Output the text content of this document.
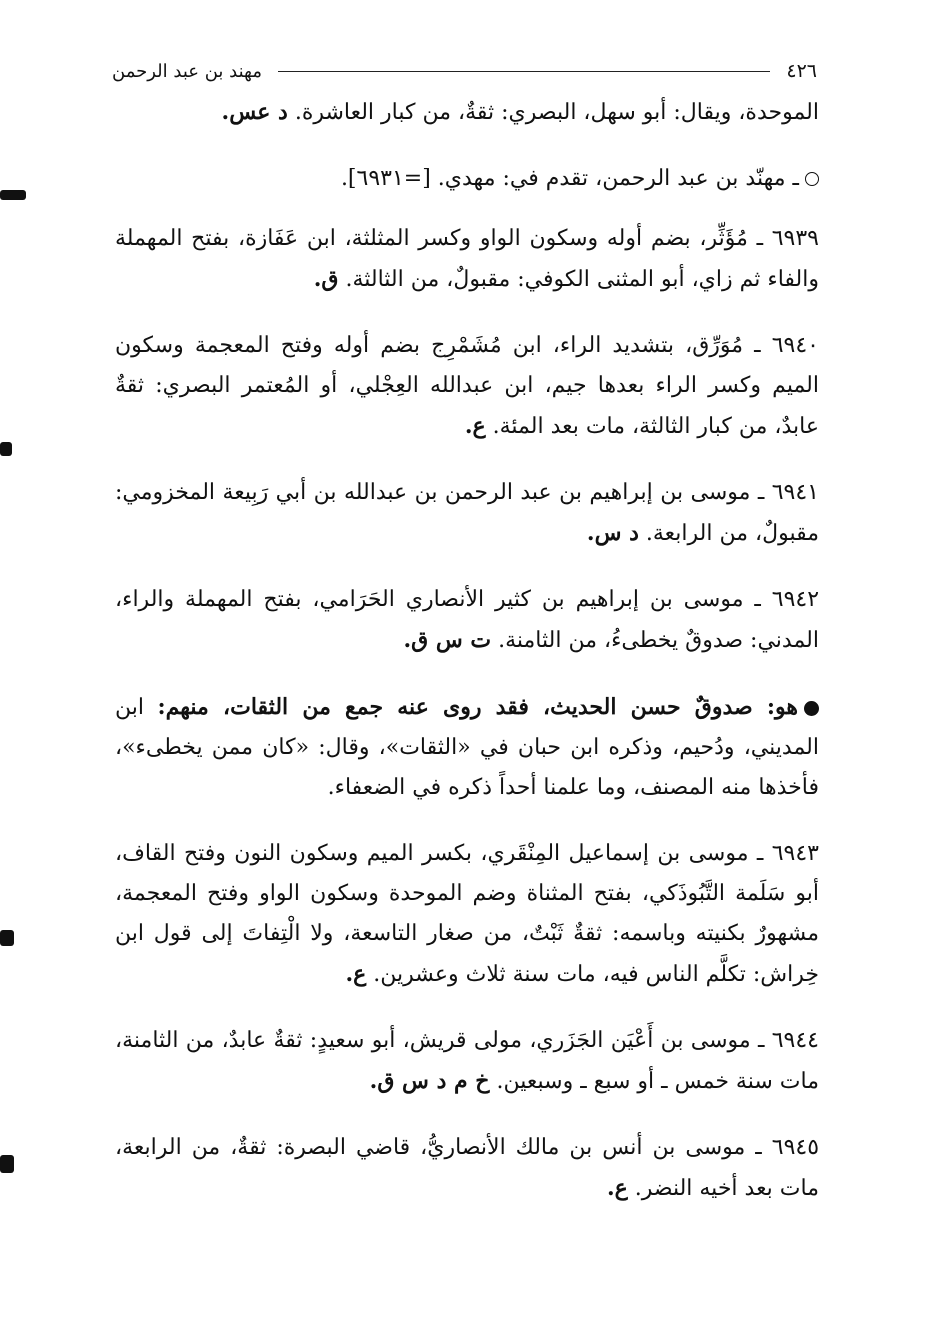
٤٢٦
مهند بن عبد الرحمن

الموحدة، ويقال: أبو سهل، البصري: ثقةٌ، من كبار العاشرة. د عس.

ـ مهنّد بن عبد الرحمن، تقدم في: مهدي. [=٦٩٣١].

٦٩٣٩ ـ مُؤَثِّر، بضم أوله وسكون الواو وكسر المثلثة، ابن عَفَازة، بفتح المهملة والفاء ثم زاي، أبو المثنى الكوفي: مقبولٌ، من الثالثة. ق.

٦٩٤٠ ـ مُوَرِّق، بتشديد الراء، ابن مُشَمْرِج بضم أوله وفتح المعجمة وسكون الميم وكسر الراء بعدها جيم، ابن عبدالله العِجْلي، أو المُعتمر البصري: ثقةٌ عابدٌ، من كبار الثالثة، مات بعد المئة. ع.

٦٩٤١ ـ موسى بن إبراهيم بن عبد الرحمن بن عبدالله بن أبي رَبِيعة المخزومي: مقبولٌ، من الرابعة. د س.

٦٩٤٢ ـ موسى بن إبراهيم بن كثير الأنصاري الحَرَامي، بفتح المهملة والراء، المدني: صدوقٌ يخطىءُ، من الثامنة. ت س ق.

هو: صدوقٌ حسن الحديث، فقد روى عنه جمع من الثقات، منهم: ابن المديني، ودُحيم، وذكره ابن حبان في «الثقات»، وقال: «كان ممن يخطىء»، فأخذها منه المصنف، وما علمنا أحداً ذكره في الضعفاء.

٦٩٤٣ ـ موسى بن إسماعيل المِنْقَري، بكسر الميم وسكون النون وفتح القاف، أبو سَلَمة التَّبُوذَكي، بفتح المثناة وضم الموحدة وسكون الواو وفتح المعجمة، مشهورٌ بكنيته وباسمه: ثقةٌ ثَبْتٌ، من صغار التاسعة، ولا الْتِفاتَ إلى قول ابن خِراش: تكلَّم الناس فيه، مات سنة ثلاث وعشرين. ع.

٦٩٤٤ ـ موسى بن أَعْيَن الجَزَري، مولى قريش، أبو سعيدٍ: ثقةٌ عابدٌ، من الثامنة، مات سنة خمس ـ أو سبع ـ وسبعين. خ م د س ق.

٦٩٤٥ ـ موسى بن أنس بن مالك الأنصاريُّ، قاضي البصرة: ثقةٌ، من الرابعة، مات بعد أخيه النضر. ع.
